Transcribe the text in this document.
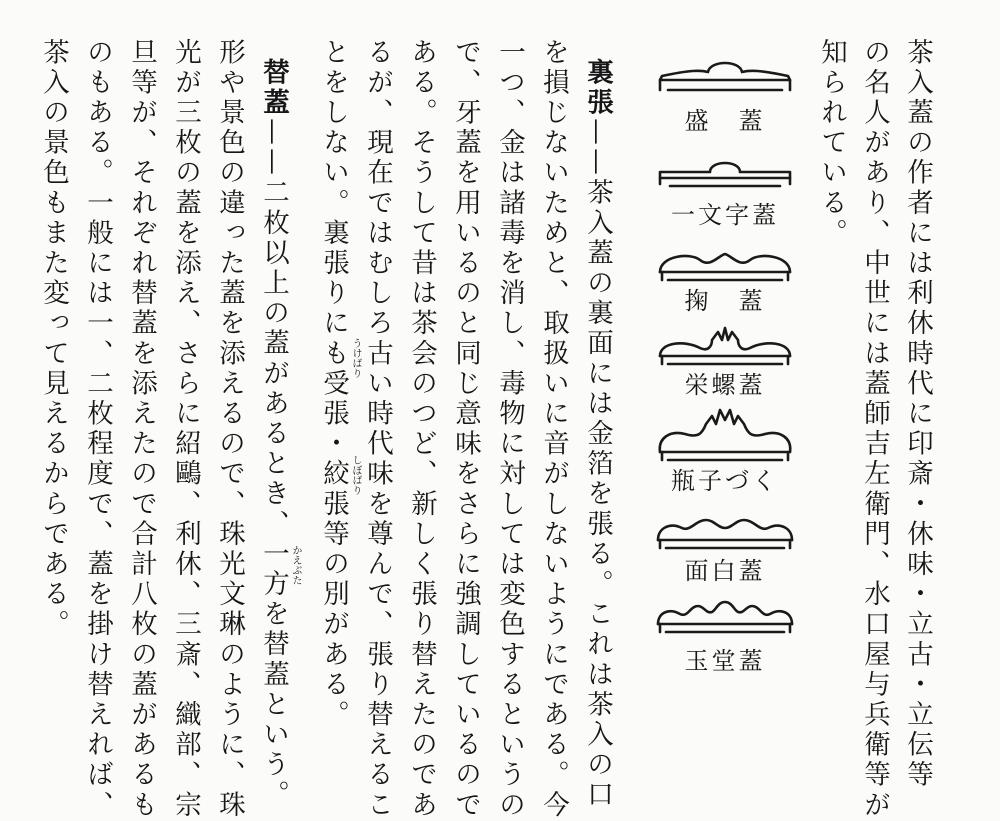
茶入蓋の作者には利休時代に印斎・休味・立古・立伝等
の名人があり、中世には蓋師吉左衛門、水口屋与兵衛等が
知られている。
盛　蓋
一文字蓋
掬　蓋
栄螺蓋
瓶子づく
面白蓋
玉堂蓋
裏張——茶入蓋の裏面には金箔を張る。これは茶入の口
を損じないためと、取扱いに音がしないようにである。今
一つ、金は諸毒を消し、毒物に対しては変色するというの
で、牙蓋を用いるのと同じ意味をさらに強調しているので
ある。そうして昔は茶会のつど、新しく張り替えたのであ
るが、現在ではむしろ古い時代味を尊んで、張り替えるこ
とをしない。裏張りにも受張・絞張等の別がある。
うけばり
しぼばり
替蓋——二枚以上の蓋があるとき、一方を替蓋という。
かえぶた
形や景色の違った蓋を添えるので、珠光文琳のように、珠
光が三枚の蓋を添え、さらに紹鷗、利休、三斎、織部、宗
旦等が、それぞれ替蓋を添えたので合計八枚の蓋があるも
のもある。一般には一、二枚程度で、蓋を掛け替えれば、
茶入の景色もまた変って見えるからである。
